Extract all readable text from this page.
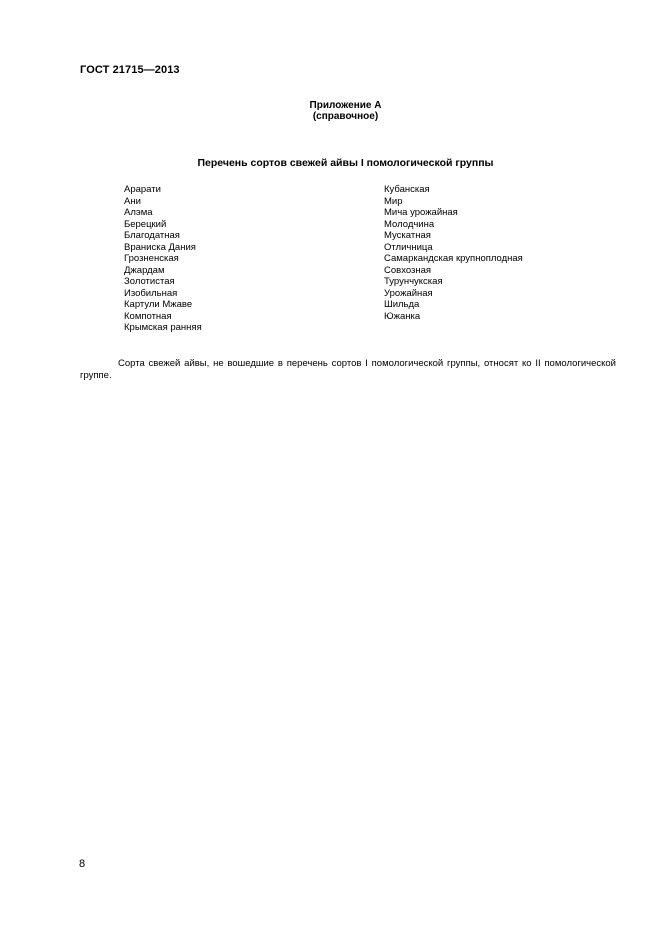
ГОСТ 21715—2013
Приложение А
(справочное)
Перечень сортов свежей айвы I помологической группы
Арарати
Ани
Алэма
Берецкий
Благодатная
Враниска Дания
Грозненская
Джардам
Золотистая
Изобильная
Картули Мжаве
Компотная
Крымская ранняя
Кубанская
Мир
Мича урожайная
Молодчина
Мускатная
Отличница
Самаркандская крупноплодная
Совхозная
Турунчукская
Урожайная
Шильда
Южанка

Сорта свежей айвы, не вошедшие в перечень сортов I помологической группы, относят ко II помологической группе.

8
